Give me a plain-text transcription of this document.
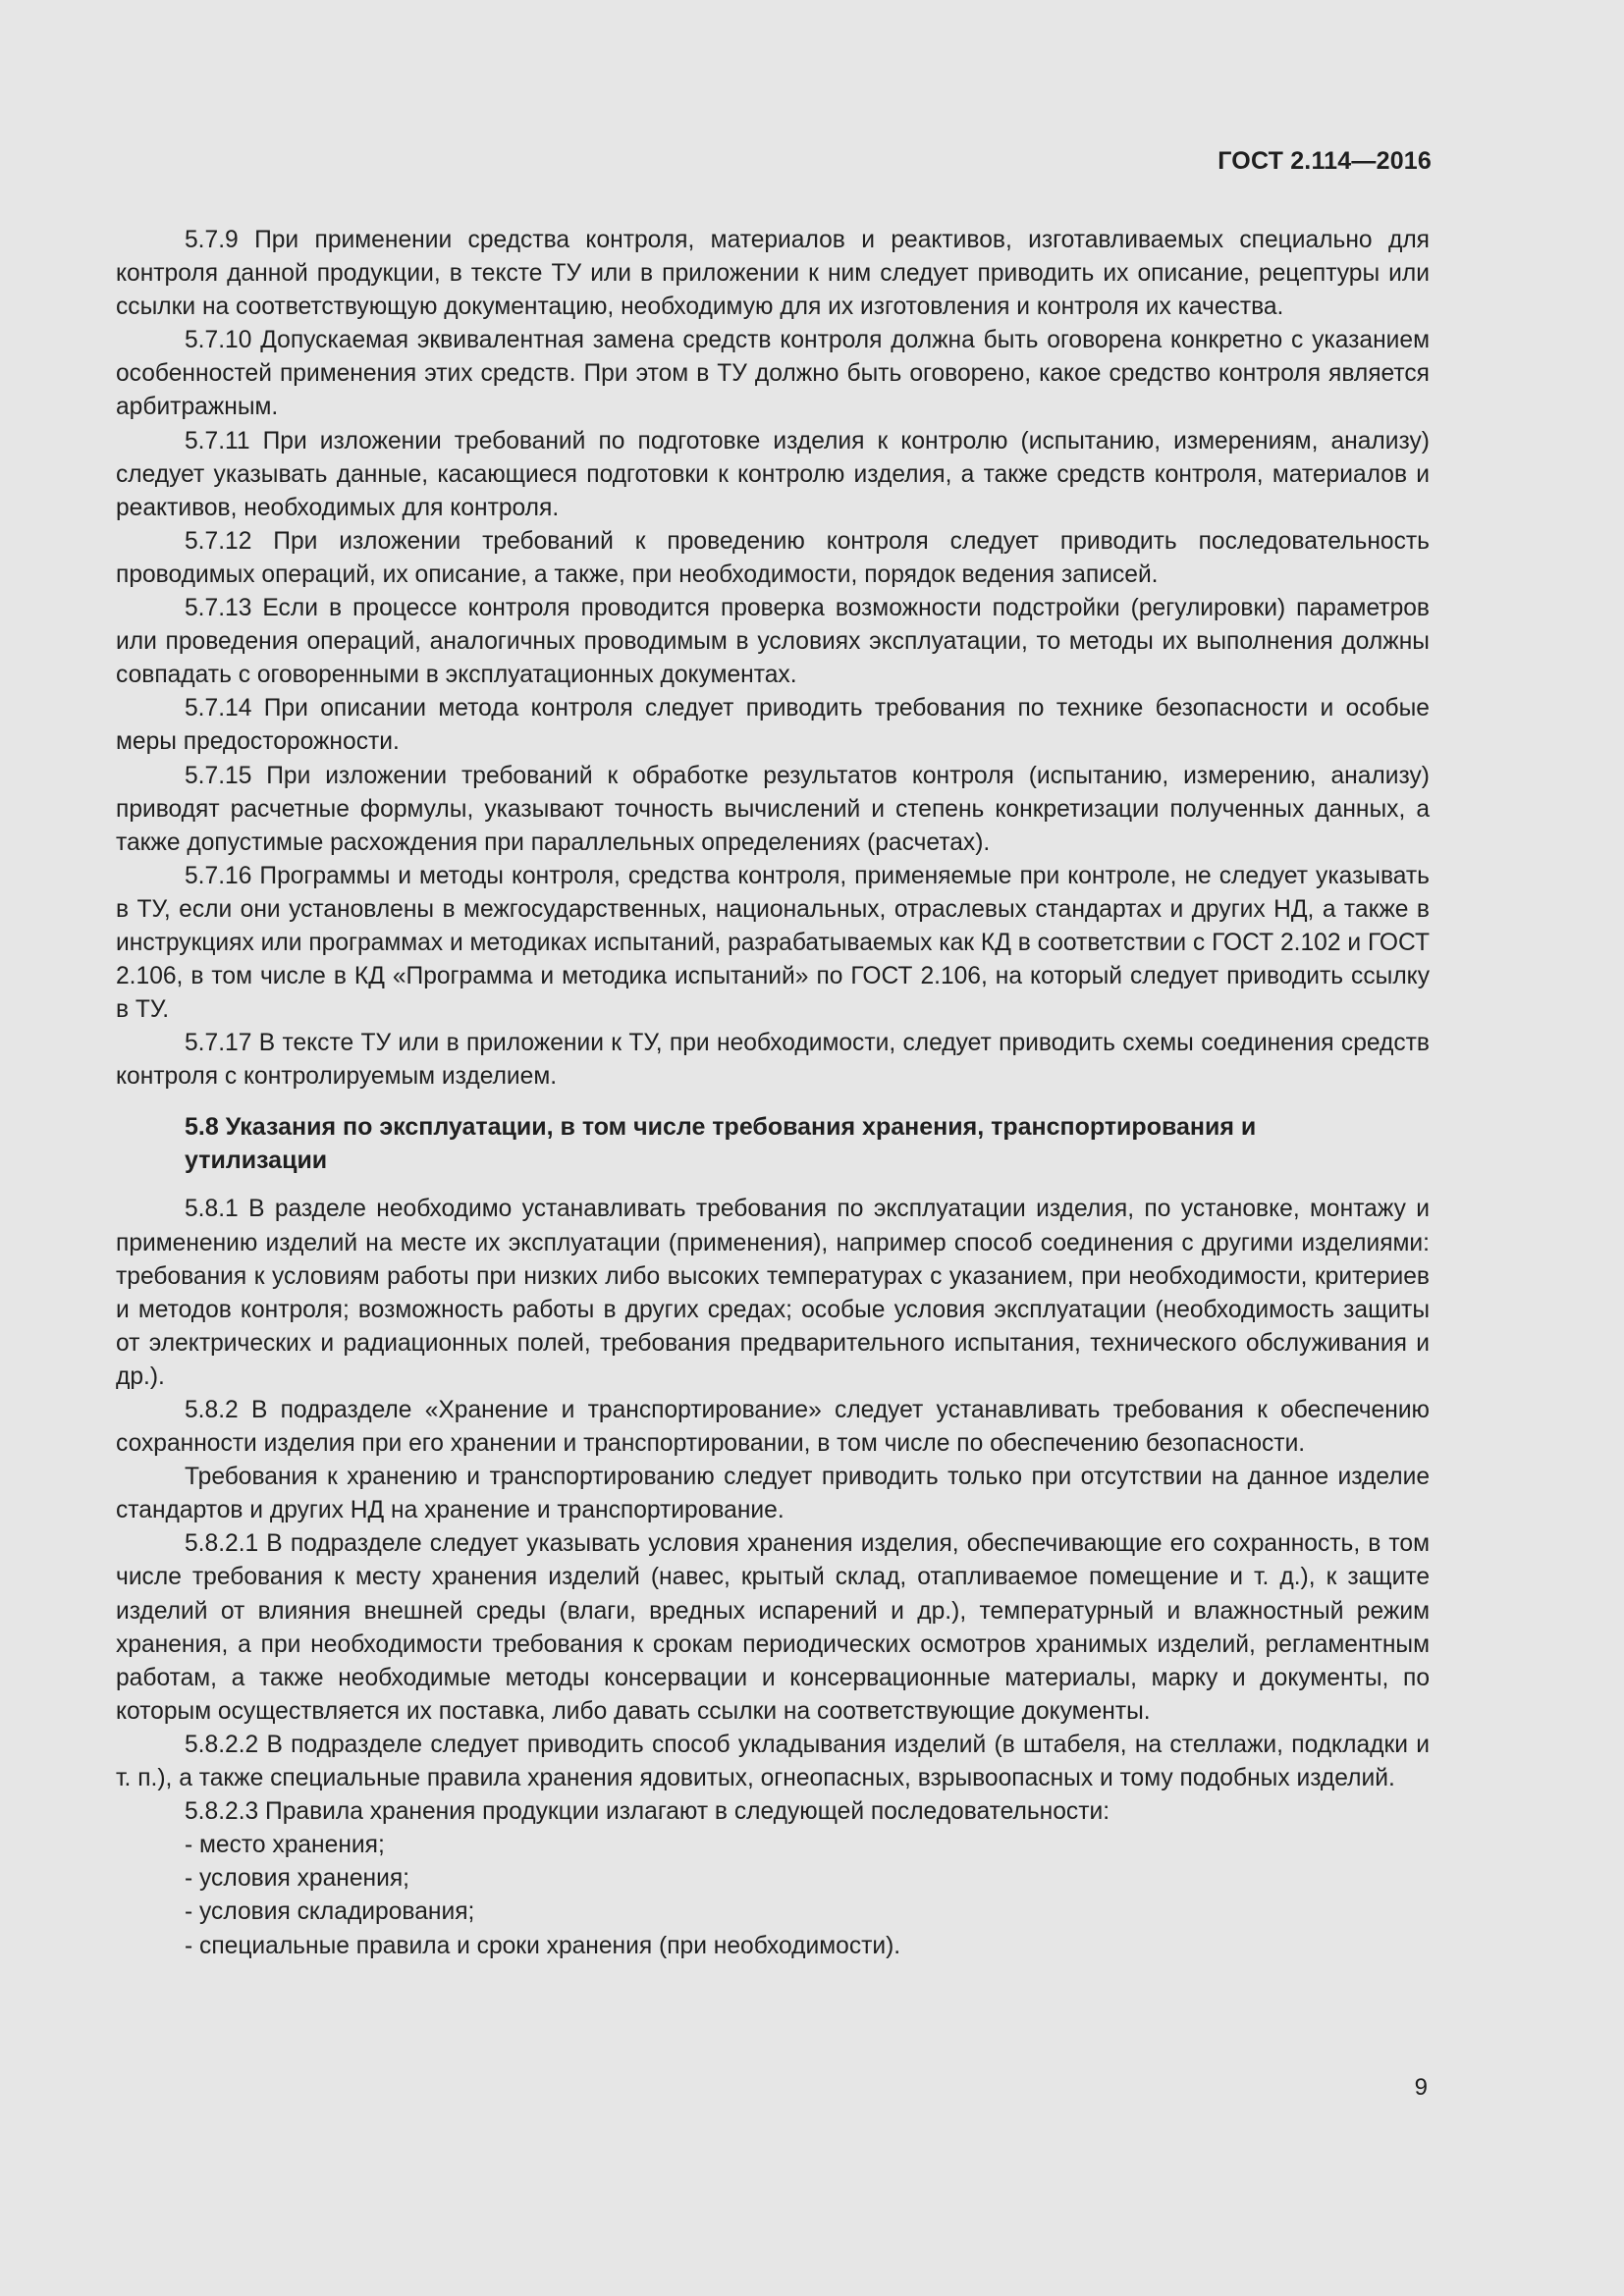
ГОСТ 2.114—2016

5.7.9 При применении средства контроля, материалов и реактивов, изготавливаемых специально для контроля данной продукции, в тексте ТУ или в приложении к ним следует приводить их описание, рецептуры или ссылки на соответствующую документацию, необходимую для их изготовления и контроля их качества.

5.7.10 Допускаемая эквивалентная замена средств контроля должна быть оговорена конкретно с указанием особенностей применения этих средств. При этом в ТУ должно быть оговорено, какое средство контроля является арбитражным.

5.7.11 При изложении требований по подготовке изделия к контролю (испытанию, измерениям, анализу) следует указывать данные, касающиеся подготовки к контролю изделия, а также средств контроля, материалов и реактивов, необходимых для контроля.

5.7.12 При изложении требований к проведению контроля следует приводить последовательность проводимых операций, их описание, а также, при необходимости, порядок ведения записей.

5.7.13 Если в процессе контроля проводится проверка возможности подстройки (регулировки) параметров или проведения операций, аналогичных проводимым в условиях эксплуатации, то методы их выполнения должны совпадать с оговоренными в эксплуатационных документах.

5.7.14 При описании метода контроля следует приводить требования по технике безопасности и особые меры предосторожности.

5.7.15 При изложении требований к обработке результатов контроля (испытанию, измерению, анализу) приводят расчетные формулы, указывают точность вычислений и степень конкретизации полученных данных, а также допустимые расхождения при параллельных определениях (расчетах).

5.7.16 Программы и методы контроля, средства контроля, применяемые при контроле, не следует указывать в ТУ, если они установлены в межгосударственных, национальных, отраслевых стандартах и других НД, а также в инструкциях или программах и методиках испытаний, разрабатываемых как КД в соответствии с ГОСТ 2.102 и ГОСТ 2.106, в том числе в КД «Программа и методика испытаний» по ГОСТ 2.106, на который следует приводить ссылку в ТУ.

5.7.17 В тексте ТУ или в приложении к ТУ, при необходимости, следует приводить схемы соединения средств контроля с контролируемым изделием.

5.8 Указания по эксплуатации, в том числе требования хранения, транспортирования и утилизации

5.8.1 В разделе необходимо устанавливать требования по эксплуатации изделия, по установке, монтажу и применению изделий на месте их эксплуатации (применения), например способ соединения с другими изделиями: требования к условиям работы при низких либо высоких температурах с указанием, при необходимости, критериев и методов контроля; возможность работы в других средах; особые условия эксплуатации (необходимость защиты от электрических и радиационных полей, требования предварительного испытания, технического обслуживания и др.).

5.8.2 В подразделе «Хранение и транспортирование» следует устанавливать требования к обеспечению сохранности изделия при его хранении и транспортировании, в том числе по обеспечению безопасности.

Требования к хранению и транспортированию следует приводить только при отсутствии на данное изделие стандартов и других НД на хранение и транспортирование.

5.8.2.1 В подразделе следует указывать условия хранения изделия, обеспечивающие его сохранность, в том числе требования к месту хранения изделий (навес, крытый склад, отапливаемое помещение и т. д.), к защите изделий от влияния внешней среды (влаги, вредных испарений и др.), температурный и влажностный режим хранения, а при необходимости требования к срокам периодических осмотров хранимых изделий, регламентным работам, а также необходимые методы консервации и консервационные материалы, марку и документы, по которым осуществляется их поставка, либо давать ссылки на соответствующие документы.

5.8.2.2 В подразделе следует приводить способ укладывания изделий (в штабеля, на стеллажи, подкладки и т. п.), а также специальные правила хранения ядовитых, огнеопасных, взрывоопасных и тому подобных изделий.

5.8.2.3 Правила хранения продукции излагают в следующей последовательности:

- место хранения;
- условия хранения;
- условия складирования;
- специальные правила и сроки хранения (при необходимости).
9
